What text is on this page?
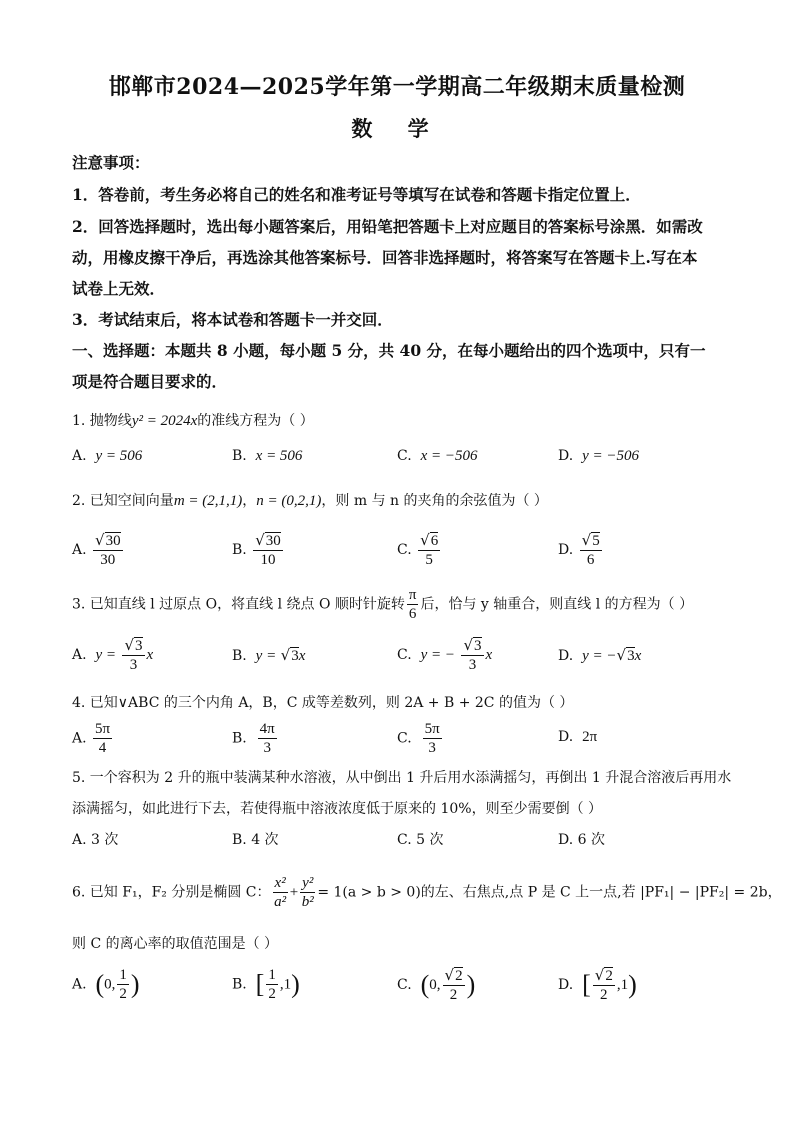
邯郸市2024—2025学年第一学期高二年级期末质量检测
数 学
注意事项：
1．答卷前，考生务必将自己的姓名和准考证号等填写在试卷和答题卡指定位置上．
2．回答选择题时，选出每小题答案后，用铅笔把答题卡上对应题目的答案标号涂黑．如需改
动，用橡皮擦干净后，再选涂其他答案标号．回答非选择题时，将答案写在答题卡上.写在本
试卷上无效．
3．考试结束后，将本试卷和答题卡一并交回．
一、选择题：本题共 8 小题，每小题 5 分，共 40 分，在每小题给出的四个选项中，只有一
项是符合题目要求的．
1. 抛物线y² = 2024x的准线方程为（ ）
A. y = 506	B. x = 506	C. x = −506	D. y = −506
2. 已知空间向量m = (2,1,1)，n = (0,2,1)，则 m 与 n 的夹角的余弦值为（ ）
A. $\frac{√30}{30}$	B. $\frac{√30}{10}$	C. $\frac{√6}{5}$	D. $\frac{√5}{6}$
3. 已知直线 l 过原点 O，将直线 l 绕点 O 顺时针旋转 $\frac{\pi}{6}$ 后，恰与 y 轴重合，则直线 l 的方程为（ ）
A. $y = \frac{√3}{3}$ x	B. y = √3x	C. y = − $\frac{√3}{3}$ x	D. y = −√3x
4. 已知∨ABC 的三个内角 A，B，C 成等差数列，则 2A + B + 2C 的值为（ ）
A. $\frac{5\pi}{4}$	B. $\frac{4\pi}{3}$	C. $\frac{5\pi}{3}$	D. 2π
5. 一个容积为 2 升的瓶中装满某种水溶液，从中倒出 1 升后用水添满摇匀，再倒出 1 升混合溶液后再用水
添满摇匀，如此进行下去，若使得瓶中溶液浓度低于原来的 10%，则至少需要倒（ ）
A. 3 次	B. 4 次	C. 5 次	D. 6 次
6. 已知 F₁，F₂ 分别是椭圆 C： $\frac{\text{x²}}{\text{a²}} + \frac{\text{y²}}{\text{b²}} = 1(a > b > 0)$的左、右焦点,点 P 是 C 上一点,若 |PF₁| − |PF₂| = 2b，
则 C 的离心率的取值范围是（ ）
A. (0, $\frac{1}{2}$ )	B. [ $\frac{1}{2} ,1$)	C. (0, $\frac{√2}{2}$ )	D. [ $\frac{√2}{2} ,1$)
